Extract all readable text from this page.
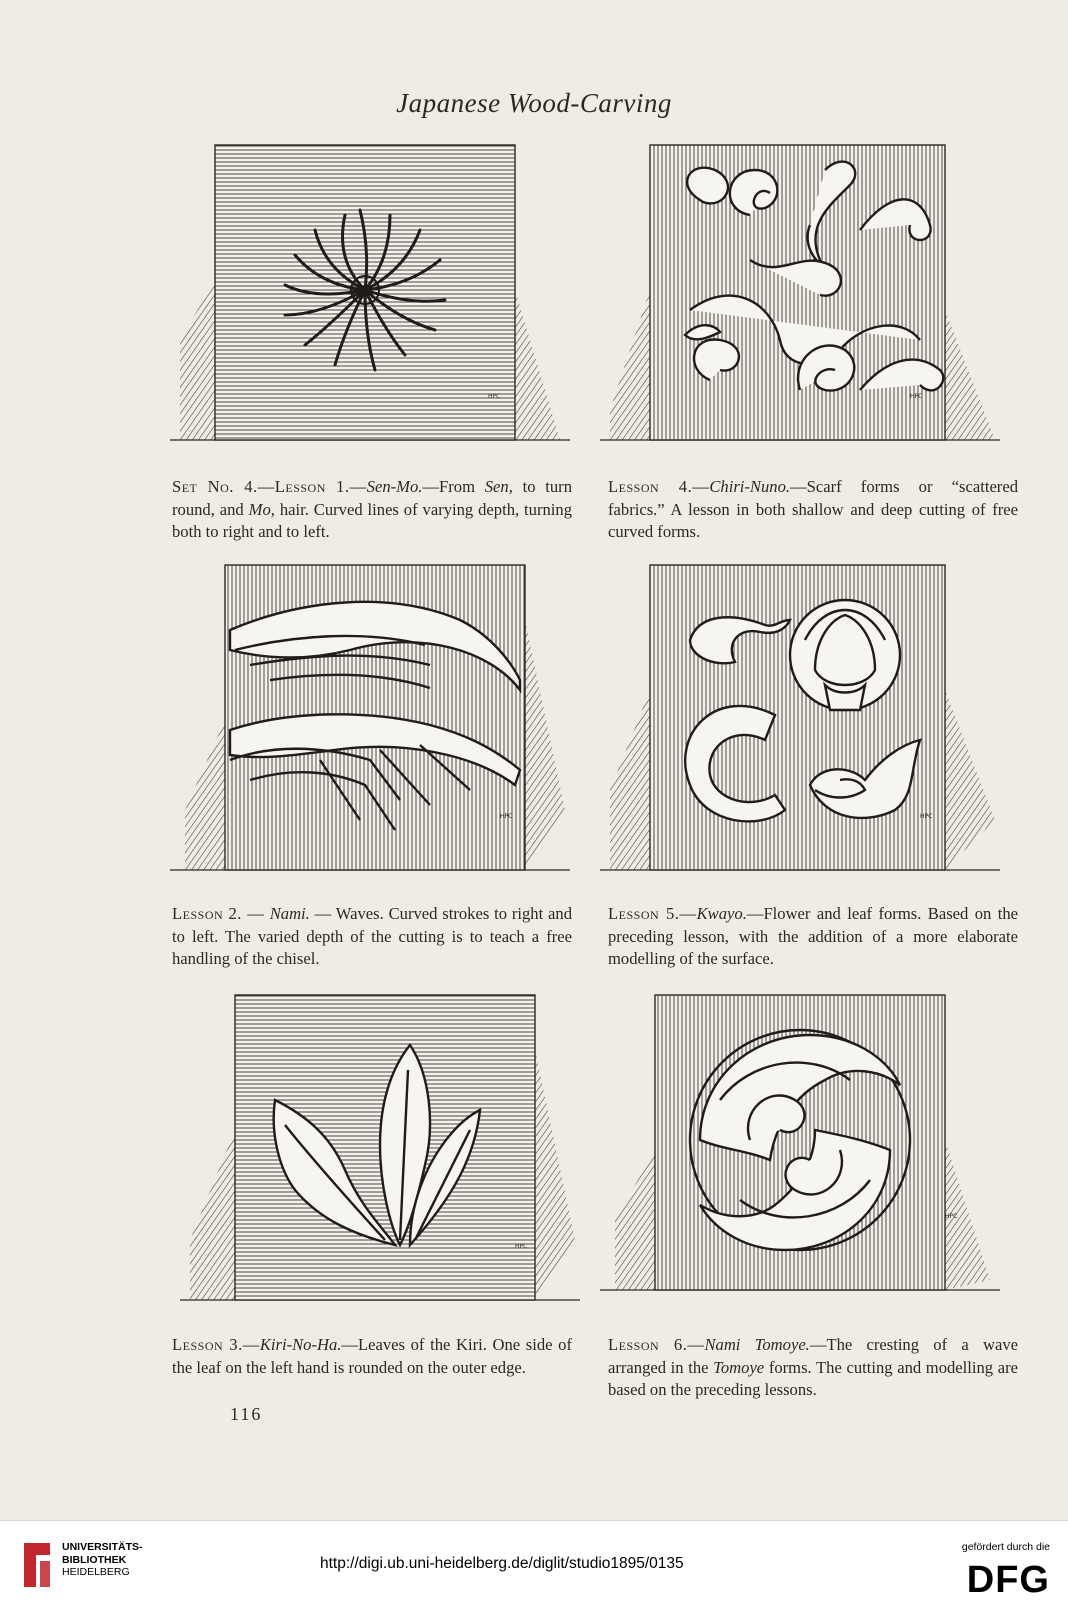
Japanese Wood-Carving
HPC	HPC
Set No. 4.—Lesson 1.—Sen-Mo.—From Sen, to turn round, and Mo, hair. Curved lines of varying depth, turning both to right and to left.
Lesson 4.—Chiri-Nuno.—Scarf forms or “scattered fabrics.” A lesson in both shallow and deep cutting of free curved forms.
HPC	HPC
Lesson 2. — Nami. — Waves. Curved strokes to right and to left. The varied depth of the cutting is to teach a free handling of the chisel.
Lesson 5.—Kwayo.—Flower and leaf forms. Based on the preceding lesson, with the addition of a more elaborate modelling of the surface.
HPC
HPC
Lesson 3.—Kiri-No-Ha.—Leaves of the Kiri. One side of the leaf on the left hand is rounded on the outer edge.
Lesson 6.—Nami Tomoye.—The cresting of a wave arranged in the Tomoye forms. The cutting and modelling are based on the preceding lessons.
116
UNIVERSITÄTS-
BIBLIOTHEK
HEIDELBERG	http://digi.ub.uni-heidelberg.de/diglit/studio1895/0135
gefördert durch die
DFG
